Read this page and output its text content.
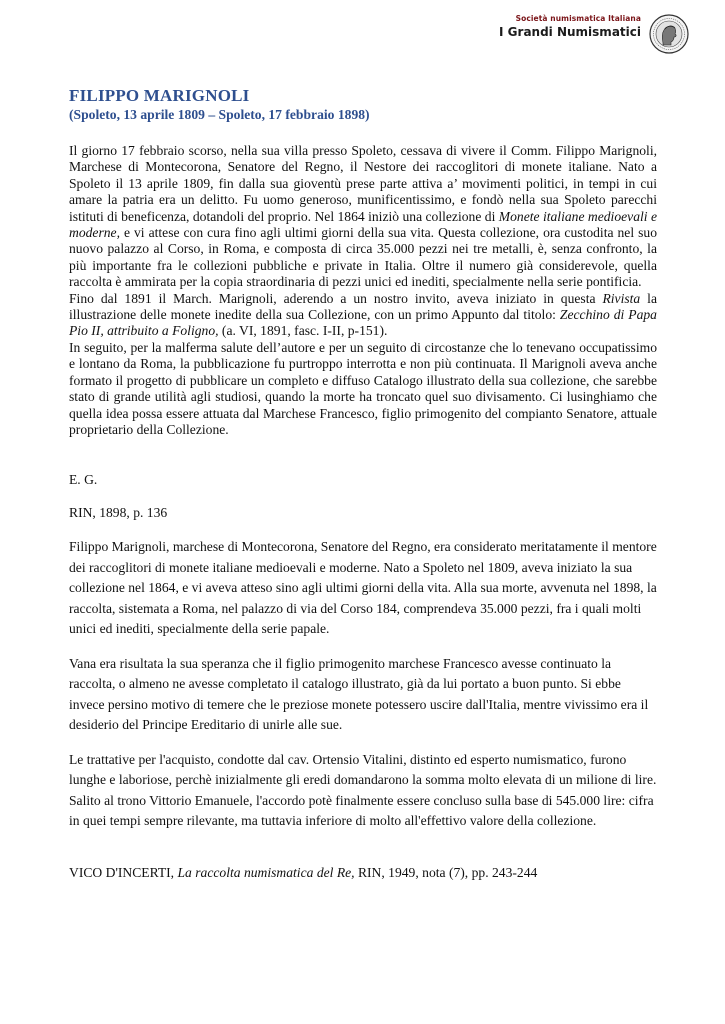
Società numismatica Italiana
I Grandi Numismatici
FILIPPO MARIGNOLI
(Spoleto, 13 aprile 1809 – Spoleto, 17 febbraio 1898)

Il giorno 17 febbraio scorso, nella sua villa presso Spoleto, cessava di vivere il Comm. Filippo Marignoli, Marchese di Montecorona, Senatore del Regno, il Nestore dei raccoglitori di monete italiane. Nato a Spoleto il 13 aprile 1809, fin dalla sua gioventù prese parte attiva a’ movimenti politici, in tempi in cui amare la patria era un delitto. Fu uomo generoso, munificentissimo, e fondò nella sua Spoleto parecchi istituti di beneficenza, dotandoli del proprio. Nel 1864 iniziò una collezione di Monete italiane medioevali e moderne, e vi attese con cura fino agli ultimi giorni della sua vita. Questa collezione, ora custodita nel suo nuovo palazzo al Corso, in Roma, e composta di circa 35.000 pezzi nei tre metalli, è, senza confronto, la più importante fra le collezioni pubbliche e private in Italia. Oltre il numero già considerevole, quella raccolta è ammirata per la copia straordinaria di pezzi unici ed inediti, specialmente nella serie pontificia.

Fino dal 1891 il March. Marignoli, aderendo a un nostro invito, aveva iniziato in questa Rivista la illustrazione delle monete inedite della sua Collezione, con un primo Appunto dal titolo: Zecchino di Papa Pio II, attribuito a Foligno, (a. VI, 1891, fasc. I-II, p-151).

In seguito, per la malferma salute dell’autore e per un seguito di circostanze che lo tenevano occupatissimo e lontano da Roma, la pubblicazione fu purtroppo interrotta e non più continuata. Il Marignoli aveva anche formato il progetto di pubblicare un completo e diffuso Catalogo illustrato della sua collezione, che sarebbe stato di grande utilità agli studiosi, quando la morte ha troncato quel suo divisamento. Ci lusinghiamo che quella idea possa essere attuata dal Marchese Francesco, figlio primogenito del compianto Senatore, attuale proprietario della Collezione.

E. G.
RIN, 1898, p. 136

Filippo Marignoli, marchese di Montecorona, Senatore del Regno, era considerato meritatamente il mentore dei raccoglitori di monete italiane medioevali e moderne. Nato a Spoleto nel 1809, aveva iniziato la sua collezione nel 1864, e vi aveva atteso sino agli ultimi giorni della vita. Alla sua morte, avvenuta nel 1898, la raccolta, sistemata a Roma, nel palazzo di via del Corso 184, comprendeva 35.000 pezzi, fra i quali molti unici ed inediti, specialmente della serie papale.

Vana era risultata la sua speranza che il figlio primogenito marchese Francesco avesse continuato la raccolta, o almeno ne avesse completato il catalogo illustrato, già da lui portato a buon punto. Si ebbe invece persino motivo di temere che le preziose monete potessero uscire dall'Italia, mentre vivissimo era il desiderio del Principe Ereditario di unirle alle sue.

Le trattative per l'acquisto, condotte dal cav. Ortensio Vitalini, distinto ed esperto numismatico, furono lunghe e laboriose, perchè inizialmente gli eredi domandarono la somma molto elevata di un milione di lire. Salito al trono Vittorio Emanuele, l'accordo potè finalmente essere concluso sulla base di 545.000 lire: cifra in quei tempi sempre rilevante, ma tuttavia inferiore di molto all'effettivo valore della collezione.

VICO D'INCERTI, La raccolta numismatica del Re, RIN, 1949, nota (7), pp. 243-244
